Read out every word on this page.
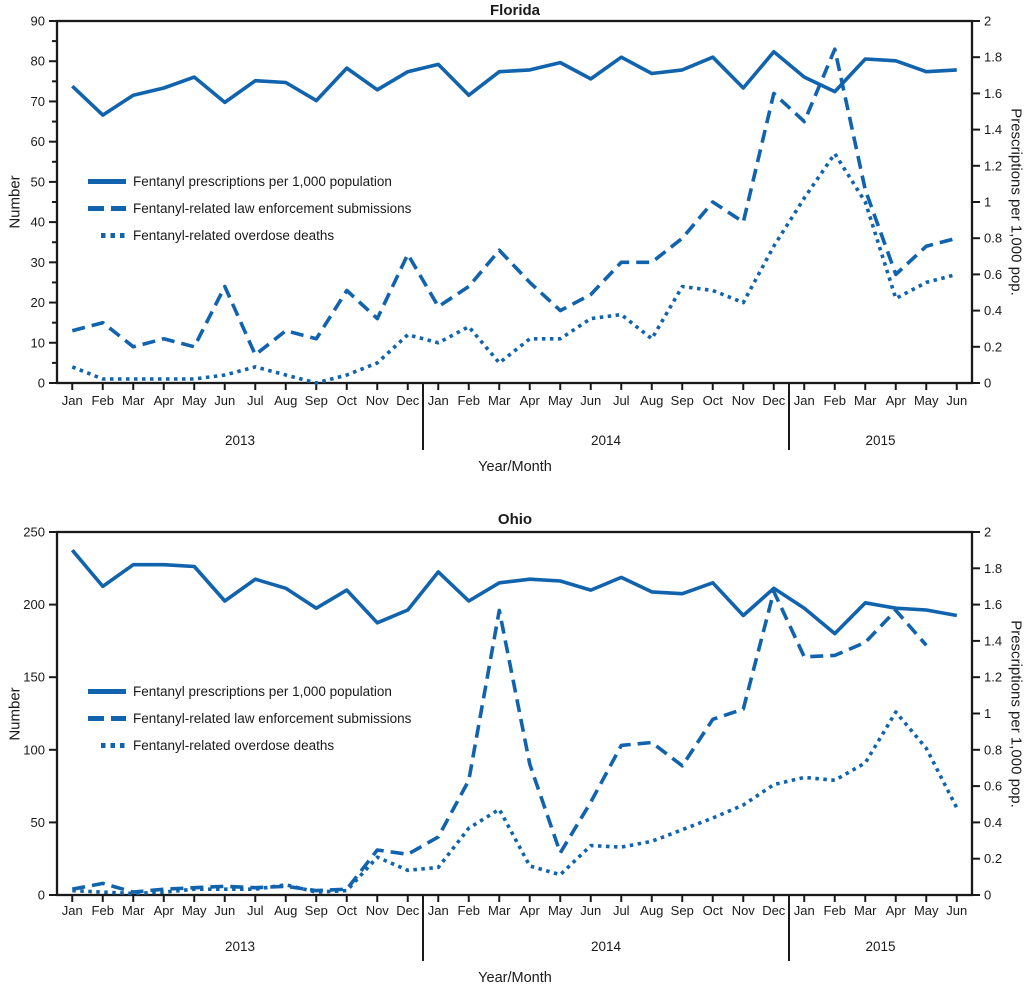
0
10
20
30
40
50
60
70
80
90
0
0.2
0.4
0.6
0.8
1
1.2
1.4
1.6
1.8
2
Jan Feb Mar Apr May Jun Jul Aug Sep Oct Nov Dec Jan Feb Mar Apr May Jun Jul Aug Sep Oct Nov Dec Jan Feb Mar Apr May Jun
2013	2014	2015
Florida
Number	Prescriptions per 1,000 pop.
Year/Month
Fentanyl prescriptions per 1,000 population
Fentanyl-related law enforcement submissions
Fentanyl-related overdose deaths
0
50
100
150
200
250
0
0.2
0.4
0.6
0.8
1
1.2
1.4
1.6
1.8
2
Jan Feb Mar Apr May Jun Jul Aug Sep Oct Nov Dec Jan Feb Mar Apr May Jun Jul Aug Sep Oct Nov Dec Jan Feb Mar Apr May Jun
2013	2014	2015
Ohio
Number	Prescriptions per 1,000 pop.
Year/Month
Fentanyl prescriptions per 1,000 population
Fentanyl-related law enforcement submissions
Fentanyl-related overdose deaths
